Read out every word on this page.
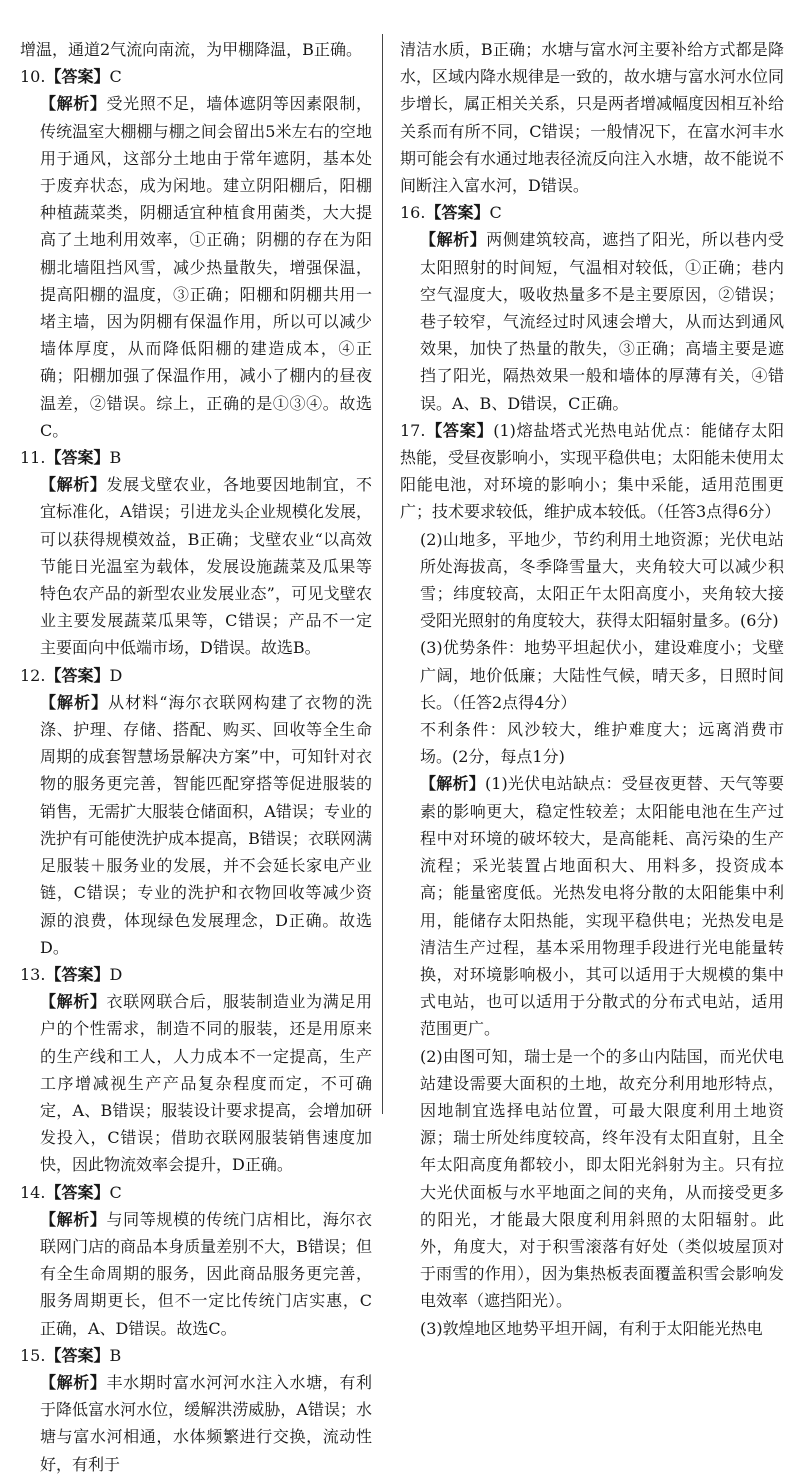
增温，通道2气流向南流，为甲棚降温，B正确。
10.【答案】C
【解析】受光照不足，墙体遮阴等因素限制，传统温室大棚棚与棚之间会留出5米左右的空地用于通风，这部分土地由于常年遮阴，基本处于废弃状态，成为闲地。建立阴阳棚后，阳棚种植蔬菜类，阴棚适宜种植食用菌类，大大提高了土地利用效率，①正确；阴棚的存在为阳棚北墙阻挡风雪，减少热量散失，增强保温，提高阳棚的温度，③正确；阳棚和阴棚共用一堵主墙，因为阴棚有保温作用，所以可以减少墙体厚度，从而降低阳棚的建造成本，④正确；阳棚加强了保温作用，减小了棚内的昼夜温差，②错误。综上，正确的是①③④。故选C。
11.【答案】B
【解析】发展戈壁农业，各地要因地制宜，不宜标准化，A错误；引进龙头企业规模化发展，可以获得规模效益，B正确；戈壁农业“以高效节能日光温室为载体，发展设施蔬菜及瓜果等特色农产品的新型农业发展业态”，可见戈壁农业主要发展蔬菜瓜果等，C错误；产品不一定主要面向中低端市场，D错误。故选B。
12.【答案】D
【解析】从材料“海尔衣联网构建了衣物的洗涤、护理、存储、搭配、购买、回收等全生命周期的成套智慧场景解决方案”中，可知针对衣物的服务更完善，智能匹配穿搭等促进服装的销售，无需扩大服装仓储面积，A错误；专业的洗护有可能使洗护成本提高，B错误；衣联网满足服装＋服务业的发展，并不会延长家电产业链，C错误；专业的洗护和衣物回收等减少资源的浪费，体现绿色发展理念，D正确。故选D。
13.【答案】D
【解析】衣联网联合后，服装制造业为满足用户的个性需求，制造不同的服装，还是用原来的生产线和工人，人力成本不一定提高，生产工序增减视生产产品复杂程度而定，不可确定，A、B错误；服装设计要求提高，会增加研发投入，C错误；借助衣联网服装销售速度加快，因此物流效率会提升，D正确。
14.【答案】C
【解析】与同等规模的传统门店相比，海尔衣联网门店的商品本身质量差别不大，B错误；但有全生命周期的服务，因此商品服务更完善，服务周期更长，但不一定比传统门店实惠，C正确，A、D错误。故选C。
15.【答案】B
【解析】丰水期时富水河河水注入水塘，有利于降低富水河水位，缓解洪涝威胁，A错误；水塘与富水河相通，水体频繁进行交换，流动性好，有利于
清洁水质，B正确；水塘与富水河主要补给方式都是降水，区域内降水规律是一致的，故水塘与富水河水位同步增长，属正相关关系，只是两者增减幅度因相互补给关系而有所不同，C错误；一般情况下，在富水河丰水期可能会有水通过地表径流反向注入水塘，故不能说不间断注入富水河，D错误。
16.【答案】C
【解析】两侧建筑较高，遮挡了阳光，所以巷内受太阳照射的时间短，气温相对较低，①正确；巷内空气湿度大，吸收热量多不是主要原因，②错误；巷子较窄，气流经过时风速会增大，从而达到通风效果，加快了热量的散失，③正确；高墙主要是遮挡了阳光，隔热效果一般和墙体的厚薄有关，④错误。A、B、D错误，C正确。
17.【答案】(1)熔盐塔式光热电站优点：能储存太阳热能，受昼夜影响小，实现平稳供电；太阳能未使用太阳能电池，对环境的影响小；集中采能，适用范围更广；技术要求较低，维护成本较低。（任答3点得6分）
(2)山地多，平地少，节约利用土地资源；光伏电站所处海拔高，冬季降雪量大，夹角较大可以减少积雪；纬度较高，太阳正午太阳高度小，夹角较大接受阳光照射的角度较大，获得太阳辐射量多。(6分)
(3)优势条件：地势平坦起伏小，建设难度小；戈壁广阔，地价低廉；大陆性气候，晴天多，日照时间长。（任答2点得4分）
不利条件：风沙较大，维护难度大；远离消费市场。(2分，每点1分)
【解析】(1)光伏电站缺点：受昼夜更替、天气等要素的影响更大，稳定性较差；太阳能电池在生产过程中对环境的破坏较大，是高能耗、高污染的生产流程；采光装置占地面积大、用料多，投资成本高；能量密度低。光热发电将分散的太阳能集中利用，能储存太阳热能，实现平稳供电；光热发电是清洁生产过程，基本采用物理手段进行光电能量转换，对环境影响极小，其可以适用于大规模的集中式电站，也可以适用于分散式的分布式电站，适用范围更广。
(2)由图可知，瑞士是一个的多山内陆国，而光伏电站建设需要大面积的土地，故充分利用地形特点，因地制宜选择电站位置，可最大限度利用土地资源；瑞士所处纬度较高，终年没有太阳直射，且全年太阳高度角都较小，即太阳光斜射为主。只有拉大光伏面板与水平地面之间的夹角，从而接受更多的阳光，才能最大限度利用斜照的太阳辐射。此外，角度大，对于积雪滚落有好处（类似坡屋顶对于雨雪的作用），因为集热板表面覆盖积雪会影响发电效率（遮挡阳光）。
(3)敦煌地区地势平坦开阔，有利于太阳能光热电
